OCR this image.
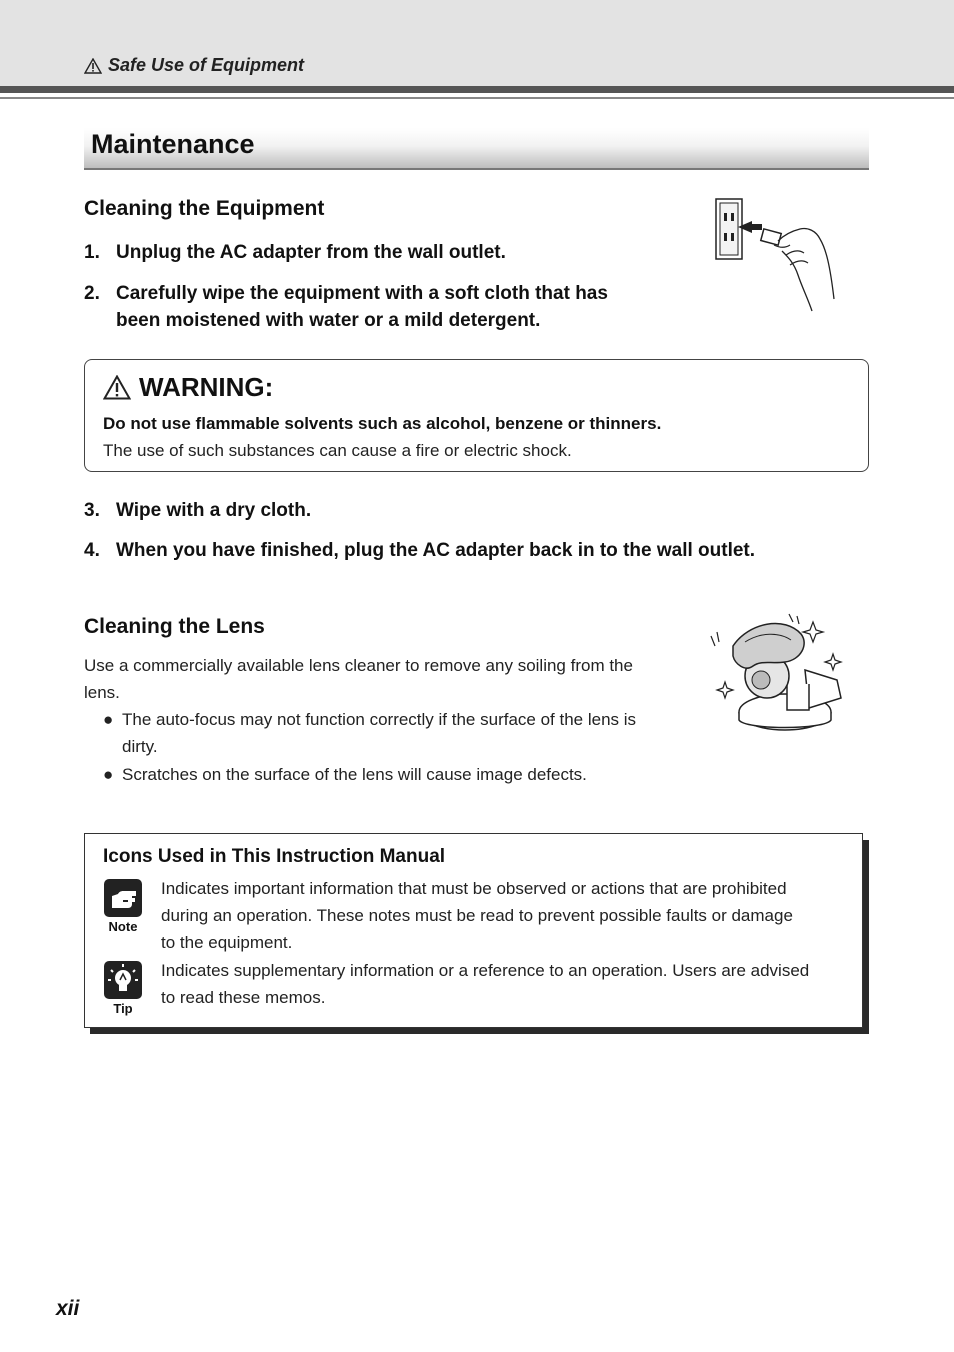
Safe Use of Equipment
Maintenance
Cleaning the Equipment
1. Unplug the AC adapter from the wall outlet.
2. Carefully wipe the equipment with a soft cloth that has
been moistened with water or a mild detergent.
WARNING:
Do not use flammable solvents such as alcohol, benzene or thinners.
The use of such substances can cause a fire or electric shock.
3. Wipe with a dry cloth.
4. When you have finished, plug the AC adapter back in to the wall outlet.
Cleaning the Lens
Use a commercially available lens cleaner to remove any soiling from the
lens.
● The auto-focus may not function correctly if the surface of the lens is
dirty.
● Scratches on the surface of the lens will cause image defects.
Icons Used in This Instruction Manual
Note
Indicates important information that must be observed or actions that are prohibited
during an operation. These notes must be read to prevent possible faults or damage
to the equipment.
Tip
Indicates supplementary information or a reference to an operation. Users are advised
to read these memos.
xii
